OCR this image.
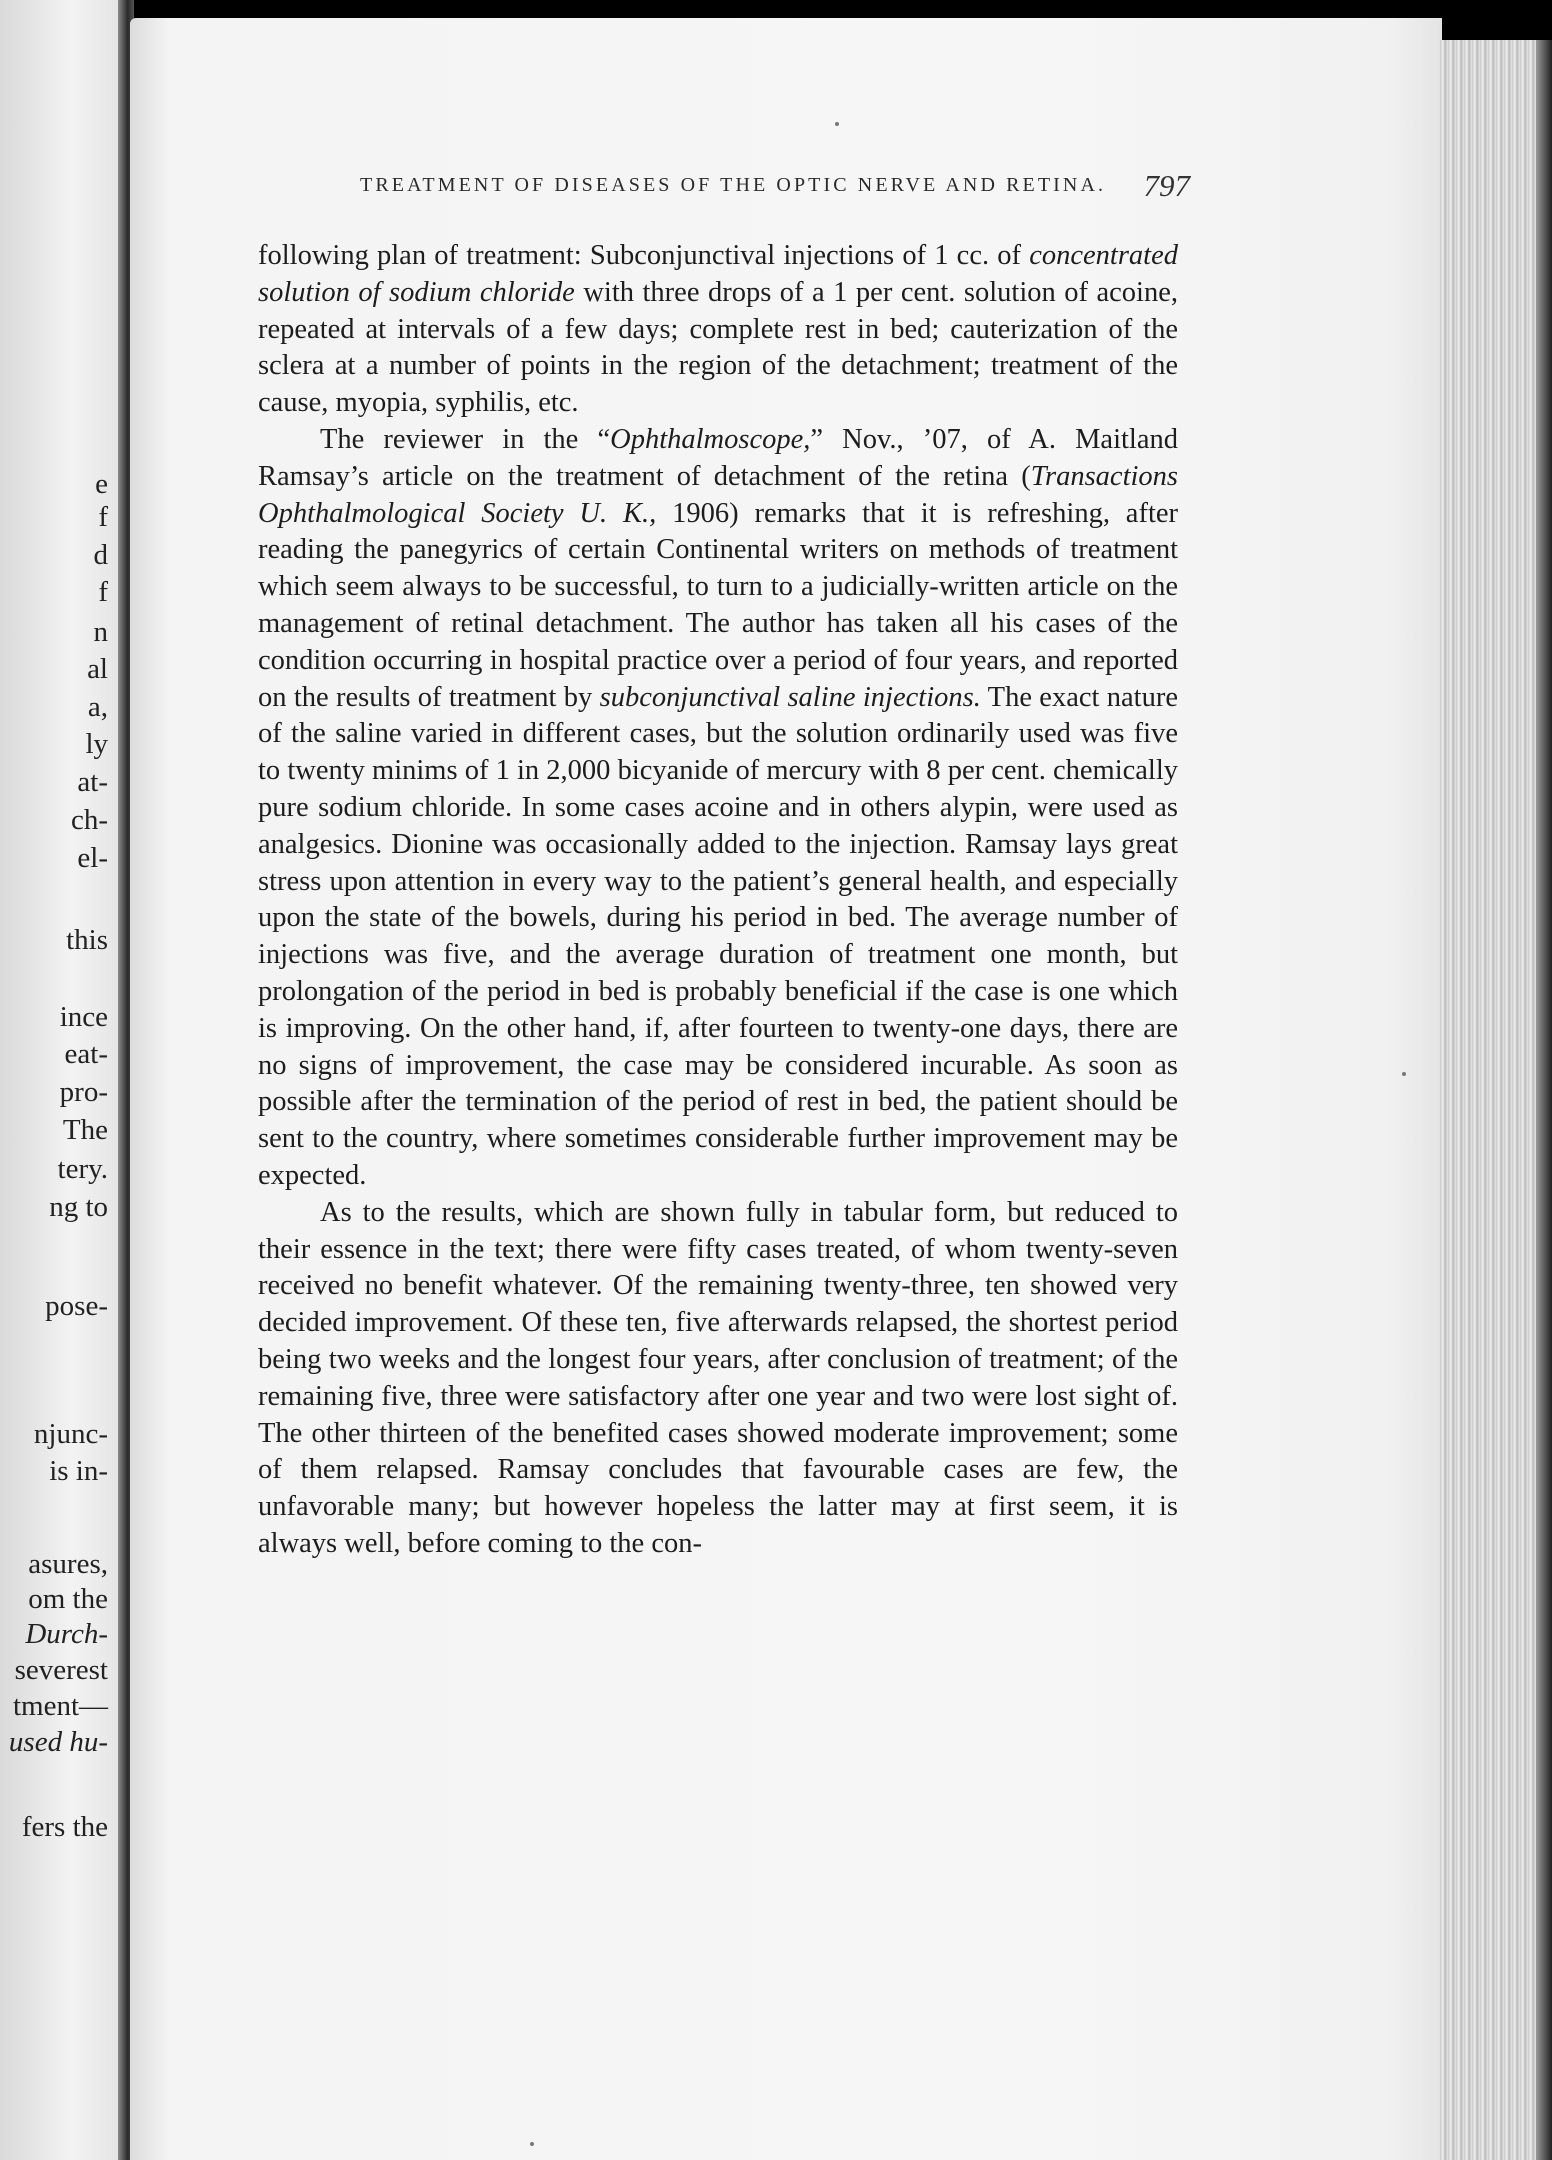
e
f
d
f
n
al
a,
ly
at-
ch-
el-
this
ince
eat-
pro-
The
tery.
ng to
pose-
njunc-
is in-
asures,
om the
Durch-
severest
tment—
used hu-
fers the
TREATMENT OF DISEASES OF THE OPTIC NERVE AND RETINA. 797

following plan of treatment: Subconjunctival injections of 1 cc. of concentrated solution of sodium chloride with three drops of a 1 per cent. solution of acoine, repeated at intervals of a few days; complete rest in bed; cauterization of the sclera at a number of points in the region of the detachment; treatment of the cause, myopia, syphilis, etc.

The reviewer in the “Ophthalmoscope,” Nov., ’07, of A. Maitland Ramsay’s article on the treatment of detachment of the retina (Transactions Ophthalmological Society U. K., 1906) remarks that it is refreshing, after reading the panegyrics of certain Continental writers on methods of treatment which seem always to be successful, to turn to a judicially-written article on the management of retinal detachment. The author has taken all his cases of the condition occurring in hospital practice over a period of four years, and reported on the results of treatment by subconjunctival saline injections. The exact nature of the saline varied in different cases, but the solution ordinarily used was five to twenty minims of 1 in 2,000 bicyanide of mercury with 8 per cent. chemically pure sodium chloride. In some cases acoine and in others alypin, were used as analgesics. Dionine was occasionally added to the injection. Ramsay lays great stress upon attention in every way to the patient’s general health, and especially upon the state of the bowels, during his period in bed. The average number of injections was five, and the average duration of treatment one month, but prolongation of the period in bed is probably beneficial if the case is one which is improving. On the other hand, if, after fourteen to twenty-one days, there are no signs of improvement, the case may be considered incurable. As soon as possible after the termination of the period of rest in bed, the patient should be sent to the country, where sometimes considerable further improvement may be expected.

As to the results, which are shown fully in tabular form, but reduced to their essence in the text; there were fifty cases treated, of whom twenty-seven received no benefit whatever. Of the remaining twenty-three, ten showed very decided improvement. Of these ten, five afterwards relapsed, the shortest period being two weeks and the longest four years, after conclusion of treatment; of the remaining five, three were satisfactory after one year and two were lost sight of. The other thirteen of the benefited cases showed moderate improvement; some of them relapsed. Ramsay concludes that favourable cases are few, the unfavorable many; but however hopeless the latter may at first seem, it is always well, before coming to the con-
